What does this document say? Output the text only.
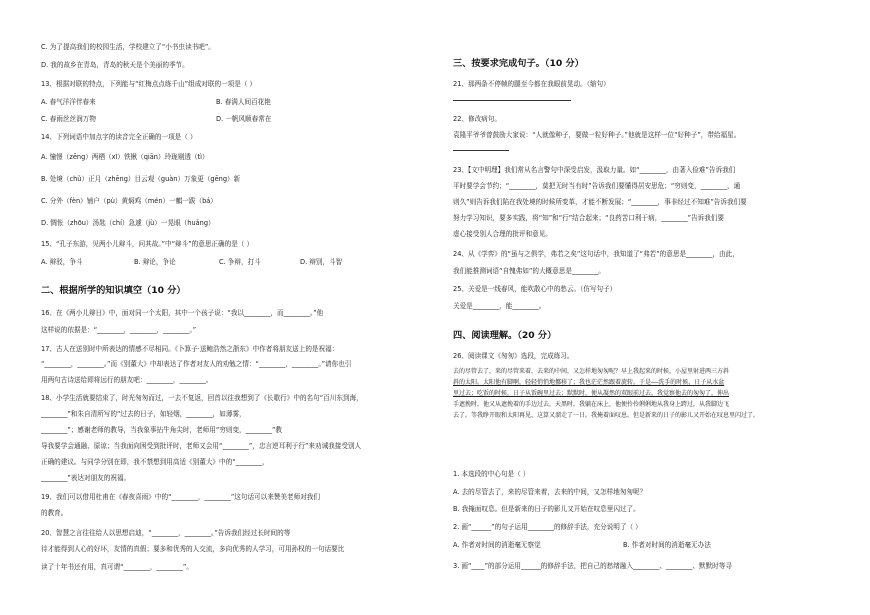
C. 为了提高我们的校园生活，学校建立了“小书虫读书吧”。
D. 我的故乡在青岛，青岛的秋天是个美丽的季节。
13、根据对联的特点，下列能与“红梅点点练千山”组成对联的一项是（ ）
A. 春气洋洋伴春来	B. 春满人间百花艳
C. 春雨丝丝润万物	D. 一帆风顺春常在
14、下列词语中加点字的读音完全正确的一项是（ ）
A. 憧憬（zēng）两栖（xī）铁锹（qiān）玲珑剔透（tì）
B. 处境（chǔ）正月（zhēng）目云观（guàn）万象更（gēng）新
C. 分外（fèn）铺户（pù）黄焖鸡（mén）一麒一跋（bá）
D. 惆怅（zhōu）汤匙（chí）急遽（jù）一晃眼（huǎng）
15、“孔子东游，见两小儿辩斗，问其故。”中“辩斗”的意思正确的是（ ）
A. 辩驳，争斗	B. 辩论，争论	C. 争辩，打斗	D. 辩别，斗智
二、根据所学的知识填空（10 分）
16、在《两小儿辩日》中，面对同一个太阳，其中一个孩子说：“我以________，而________。”他
这样说的依据是：“________，________，________。”
17、古人在送别时中所表达的情感不尽相同。《卜算子·送鲍浩然之浙东》中作者将朋友送上的是祝福：
“________，________。”而《别董大》中却表达了作者对友人的劝勉之情：“________，________。”请你也引
用两句古诗送给即将远行的朋友吧：________，________。
18、小学生活就要结束了，时光匆匆而过，一去不复返，回首以往我想到了《长歌行》中的名句“百川东到海，
________”和朱自清所写的“过去的日子，如轻烟，________，如薄雾，
________”；感谢老师的教导，当我象事拈牛角尖时，老师用“穷则变，________”教
导我要学会通融、原谅；当我面向困受到批评时，老师又会用“________”，忠言逆耳利于行”来劝诫我接受别人
正确的建议。与同学分别在即，我不禁想到用高适《别董大》中的“________，
________”表达对朋友的祝福。
19、我们可以借用杜甫在《春夜喜雨》中的“________，________”这句话可以来赞美老师对我们
的教育。
20、智慧之言往往给人以思想启迪，“________，________。”告诉我们经过长时间的等
待才能得到人心的好坏，友情的真假；要多和优秀的人交流，多向优秀的人学习，可用孙权的一句话要比
读了十年书还有用，真可谓“________，________”。
三、按要求完成句子。（10 分）
21、那两条不停帧的腿至今都在我眼前晃动。（缩句）
22、修改病句。
袁隆平爷爷曾鼓励大家说：“人就像种子，要做一粒好种子。”他就是这样一位“好种子”，带给福星。
23、【文中明理】我们常从名言警句中深受启发，汲取力量。如“________，由著入俭难”告诉我们
平时要学会节约；“________，莫把无时当有时”告诉我们要懂得居安思危；“穷则变，________，通
则久”则告诉我们陷在我处境的时候所变革，才能不断发展；“________，事非经过不知难”告诉我们要
努力学习知识，要多实践，将“知”和“行”结合起来；“良药苦口利于病，________”告诉我们要
虚心接受别人合理的批评和意见。
24、从《学弈》的“虽与之俱学，弗若之矣”这句话中，我知道了“弗若”的意思是________，由此，
我们能推测词语“自愧弗如”的大概意思是________。
25、关爱是一线春风，能吹散心中的愁云。（仿写句子）
关爱是________，能________。
四、阅读理解。（20 分）
26、阅读课文《匆匆》选段，完成练习。
去的尽管去了，来的尽管来着，去来的中间，又怎样地匆匆呢？早上我起来的时候，小屋里射进两三方斜
斜的太阳。太阳他有脚啊，轻轻悄悄地挪移了；我也茫茫然跟着旋转。于是——洗手的时候，日子从水盆
里过去；吃饭的时候，日子从饭碗里过去；默默时，便从凝然的双眼前过去。我觉察他去的匆匆了，伸出
手遮挽时，他又从遮挽着的手边过去，天黑时，我躺在床上，他便伶伶俐俐地从我身上跨过，从我脚边飞
去了。等我睁开眼和太阳再见，这算又溜走了一日。我掩着面叹息。但是新来的日子的影儿又开始在叹息里闪过了。
1. 本选段的中心句是（ ）
A. 去的尽管去了，来的尽管来着，去来的中间，又怎样地匆匆呢？
B. 我掩面叹息。但是新来的日子的影儿又开始在叹息里闪过了。
2. 画“______”的句子运用________的修辞手法，充分说明了（ ）
A. 作者对时间的消逝毫无察觉	B. 作者对时间的消逝毫无办法
3. 画“____”的部分运用______的修辞手法，把自己的愁绪融入________、________、默默时等寻
